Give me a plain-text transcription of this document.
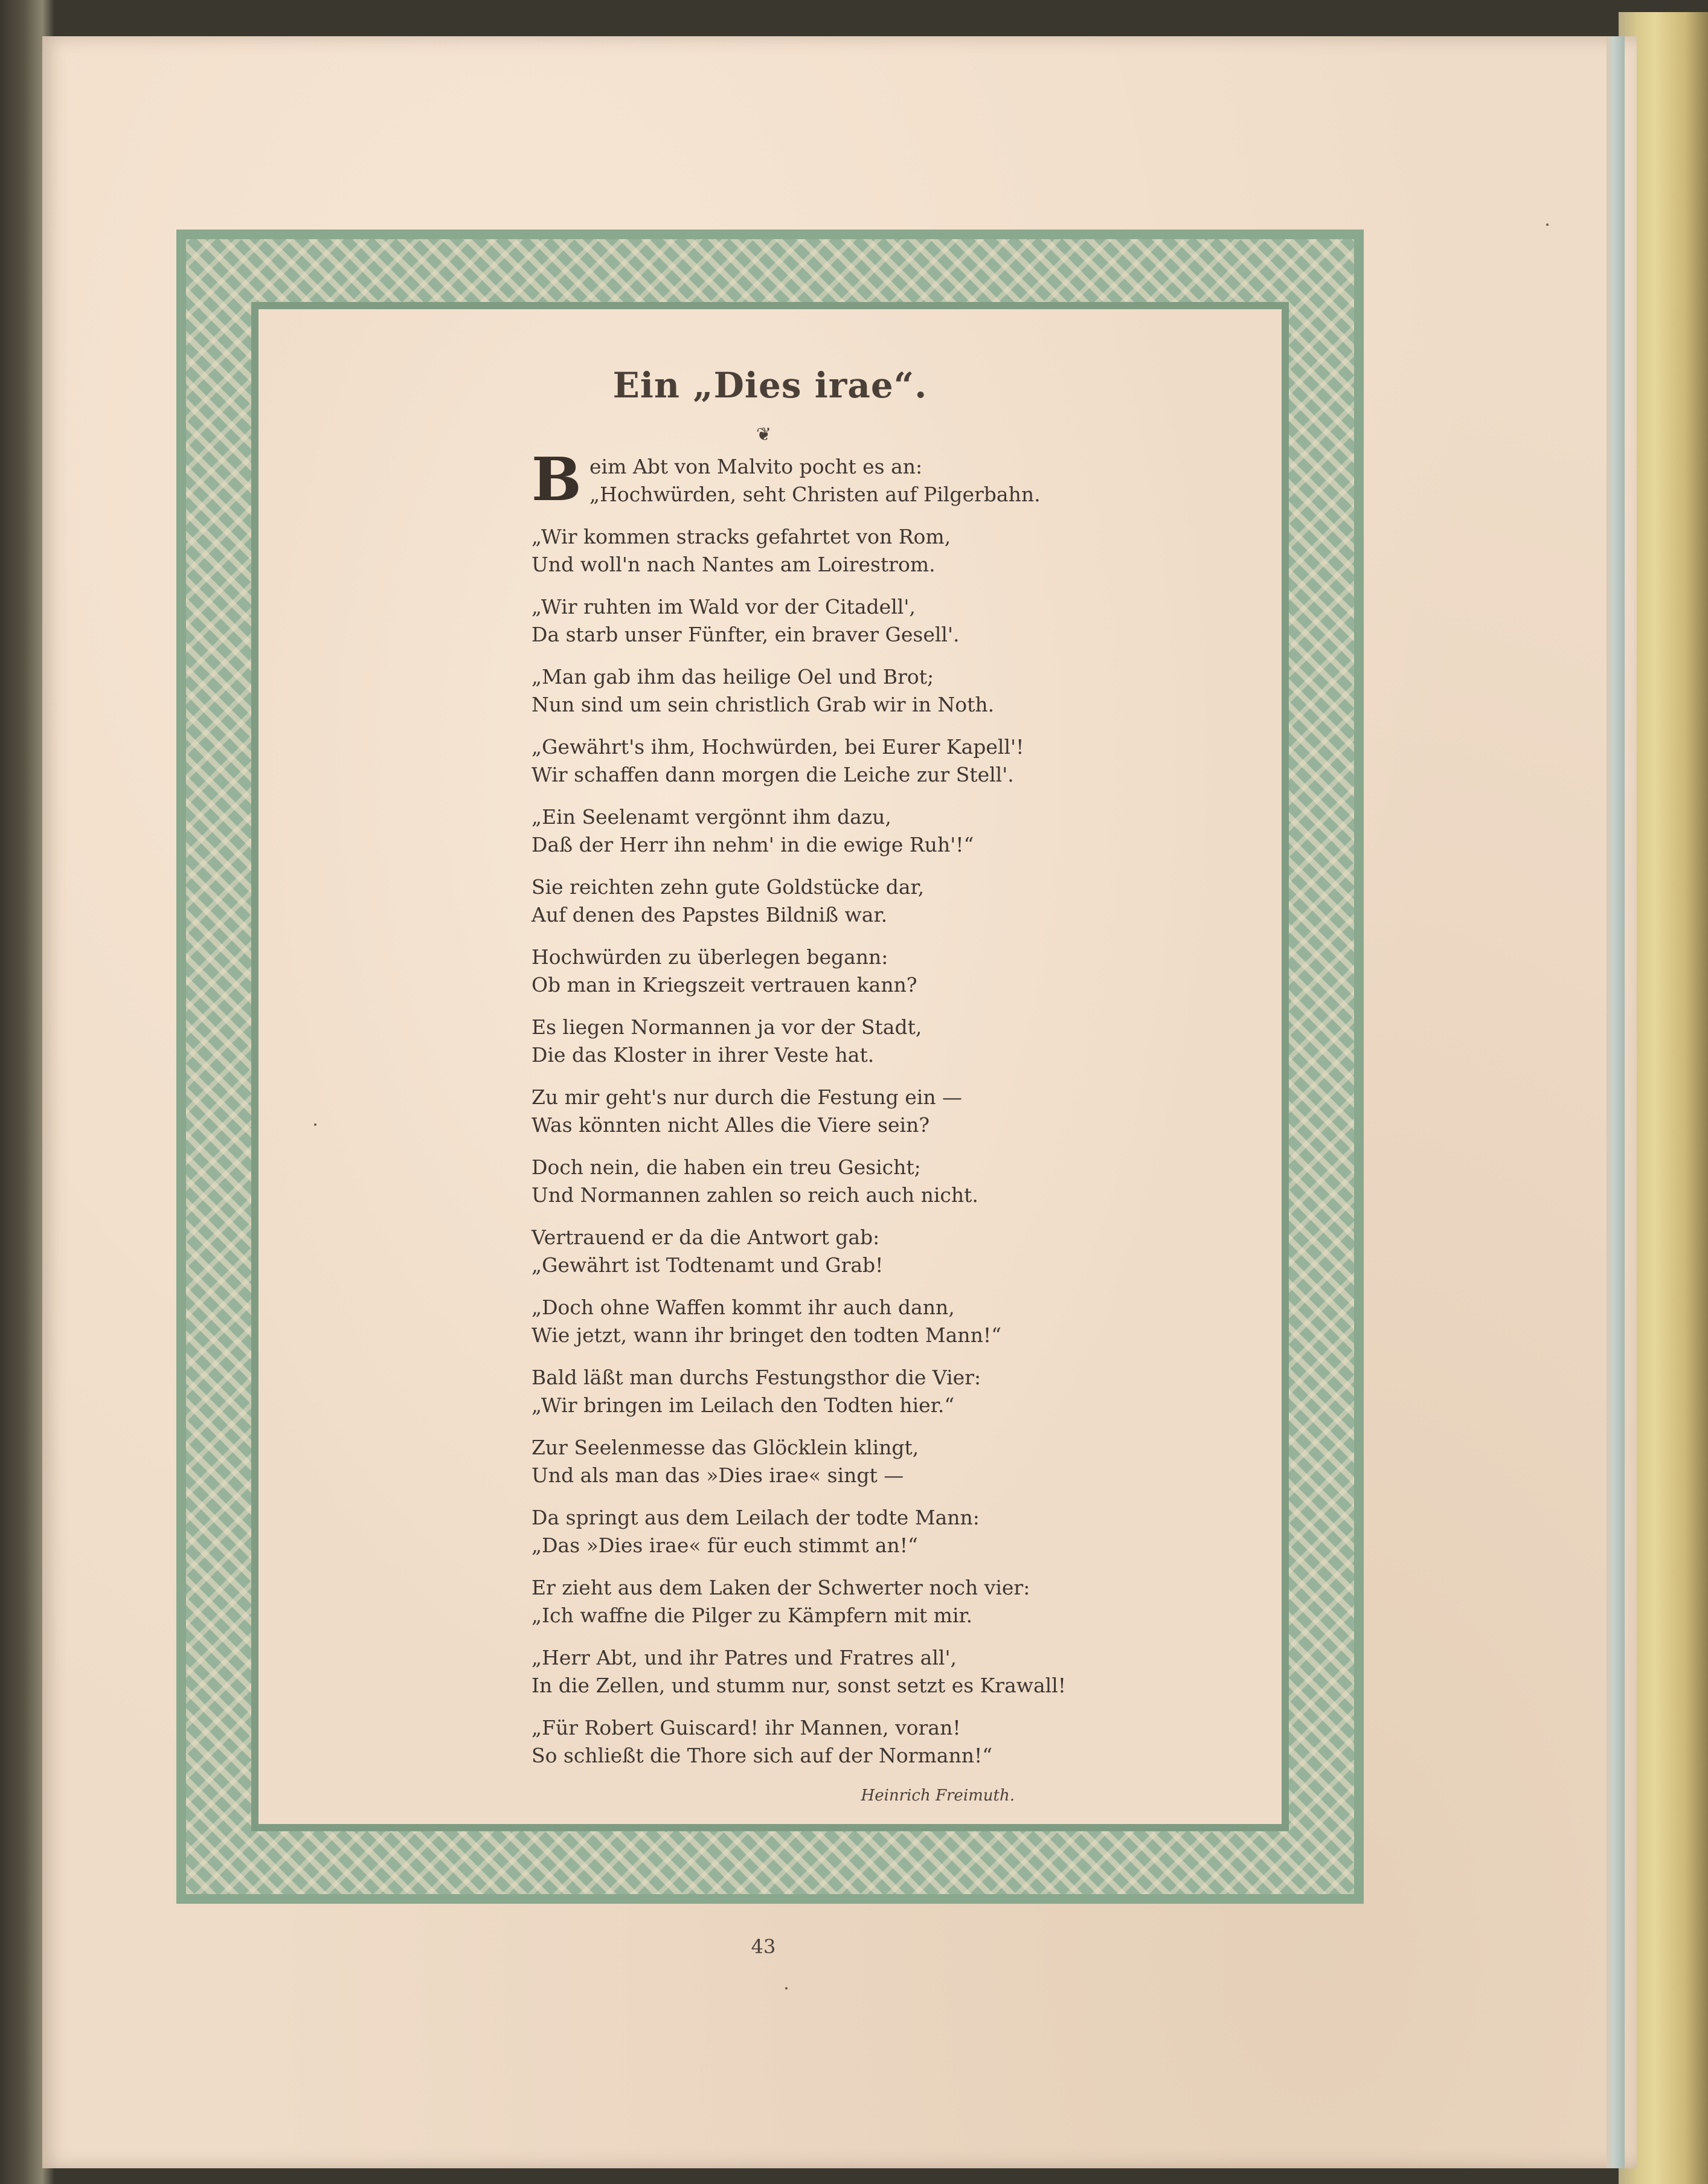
Ein „Dies irae“.
❦
B eim Abt von Malvito pocht es an:
„Hochwürden, seht Christen auf Pilgerbahn.
„Wir kommen stracks gefahrtet von Rom,
Und woll'n nach Nantes am Loirestrom.
„Wir ruhten im Wald vor der Citadell',
Da starb unser Fünfter, ein braver Gesell'.
„Man gab ihm das heilige Oel und Brot;
Nun sind um sein christlich Grab wir in Noth.
„Gewährt's ihm, Hochwürden, bei Eurer Kapell'!
Wir schaffen dann morgen die Leiche zur Stell'.
„Ein Seelenamt vergönnt ihm dazu,
Daß der Herr ihn nehm' in die ewige Ruh'!“
Sie reichten zehn gute Goldstücke dar,
Auf denen des Papstes Bildniß war.
Hochwürden zu überlegen begann:
Ob man in Kriegszeit vertrauen kann?
Es liegen Normannen ja vor der Stadt,
Die das Kloster in ihrer Veste hat.
Zu mir geht's nur durch die Festung ein —
Was könnten nicht Alles die Viere sein?
Doch nein, die haben ein treu Gesicht;
Und Normannen zahlen so reich auch nicht.
Vertrauend er da die Antwort gab:
„Gewährt ist Todtenamt und Grab!
„Doch ohne Waffen kommt ihr auch dann,
Wie jetzt, wann ihr bringet den todten Mann!“
Bald läßt man durchs Festungsthor die Vier:
„Wir bringen im Leilach den Todten hier.“
Zur Seelenmesse das Glöcklein klingt,
Und als man das »Dies irae« singt —
Da springt aus dem Leilach der todte Mann:
„Das »Dies irae« für euch stimmt an!“
Er zieht aus dem Laken der Schwerter noch vier:
„Ich waffne die Pilger zu Kämpfern mit mir.
„Herr Abt, und ihr Patres und Fratres all',
In die Zellen, und stumm nur, sonst setzt es Krawall!
„Für Robert Guiscard! ihr Mannen, voran!
So schließt die Thore sich auf der Normann!“
Heinrich Freimuth.
43
